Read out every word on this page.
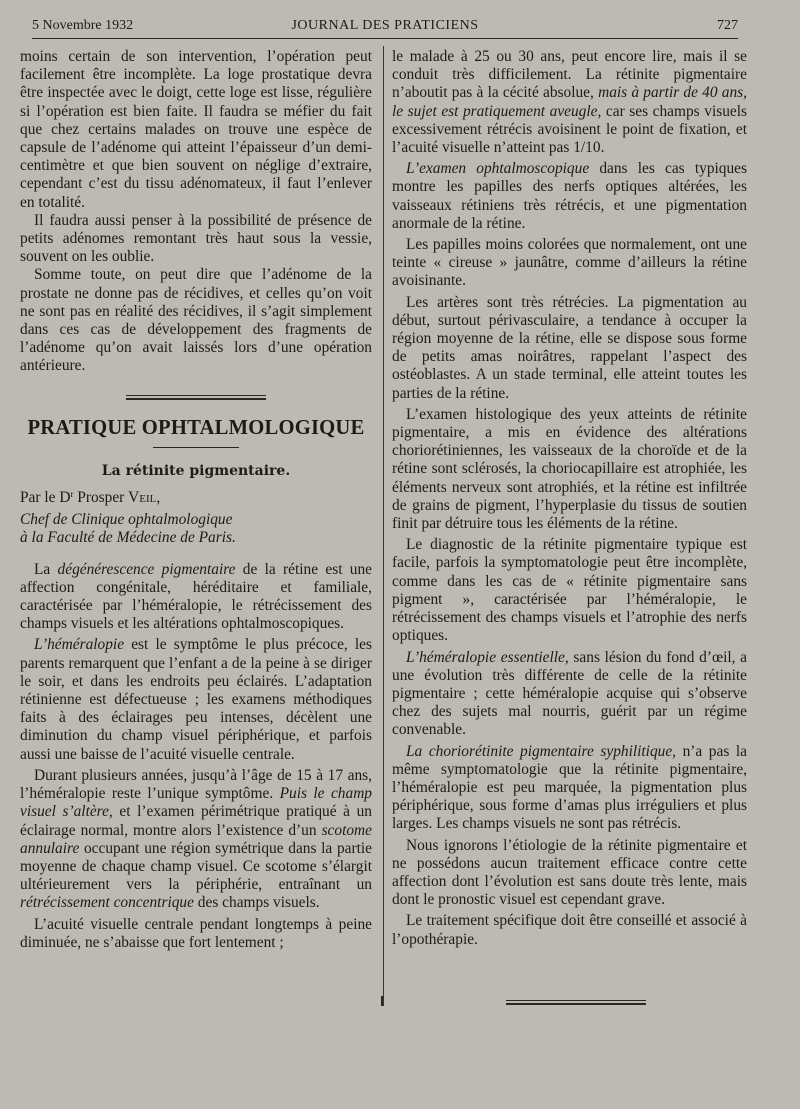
5 Novembre 1932	JOURNAL DES PRATICIENS	727

moins certain de son intervention, l’opération peut facilement être incomplète. La loge prostatique devra être inspectée avec le doigt, cette loge est lisse, régulière si l’opération est bien faite. Il faudra se méfier du fait que chez certains malades on trouve une espèce de capsule de l’adénome qui atteint l’épaisseur d’un demi-centimètre et que bien souvent on néglige d’extraire, cependant c’est du tissu adénomateux, il faut l’enlever en totalité.

Il faudra aussi penser à la possibilité de présence de petits adénomes remontant très haut sous la vessie, souvent on les oublie.

Somme toute, on peut dire que l’adénome de la prostate ne donne pas de récidives, et celles qu’on voit ne sont pas en réalité des récidives, il s’agit simplement dans ces cas de développement des fragments de l’adénome qu’on avait laissés lors d’une opération antérieure.

PRATIQUE OPHTALMOLOGIQUE
La rétinite pigmentaire.

Par le $D^r$ Prosper Veil,

Chef de Clinique ophtalmologique

à la Faculté de Médecine de Paris.

La dégénérescence pigmentaire de la rétine est une affection congénitale, héréditaire et familiale, caractérisée par l’héméralopie, le rétrécissement des champs visuels et les altérations ophtalmoscopiques.

L’héméralopie est le symptôme le plus précoce, les parents remarquent que l’enfant a de la peine à se diriger le soir, et dans les endroits peu éclairés. L’adaptation rétinienne est défectueuse ; les examens méthodiques faits à des éclairages peu intenses, décèlent une diminution du champ visuel périphérique, et parfois aussi une baisse de l’acuité visuelle centrale.

Durant plusieurs années, jusqu’à l’âge de 15 à 17 ans, l’héméralopie reste l’unique symptôme. Puis le champ visuel s’altère, et l’examen périmétrique pratiqué à un éclairage normal, montre alors l’existence d’un scotome annulaire occupant une région symétrique dans la partie moyenne de chaque champ visuel. Ce scotome s’élargit ultérieurement vers la périphérie, entraînant un rétrécissement concentrique des champs visuels.

L’acuité visuelle centrale pendant longtemps à peine diminuée, ne s’abaisse que fort lentement ;

le malade à 25 ou 30 ans, peut encore lire, mais il se conduit très difficilement. La rétinite pigmentaire n’aboutit pas à la cécité absolue, mais à partir de 40 ans, le sujet est pratiquement aveugle, car ses champs visuels excessivement rétrécis avoisinent le point de fixation, et l’acuité visuelle n’atteint pas 1/10.

L’examen ophtalmoscopique dans les cas typiques montre les papilles des nerfs optiques altérées, les vaisseaux rétiniens très rétrécis, et une pigmentation anormale de la rétine.

Les papilles moins colorées que normalement, ont une teinte « cireuse » jaunâtre, comme d’ailleurs la rétine avoisinante.

Les artères sont très rétrécies. La pigmentation au début, surtout périvasculaire, a tendance à occuper la région moyenne de la rétine, elle se dispose sous forme de petits amas noirâtres, rappelant l’aspect des ostéoblastes. A un stade terminal, elle atteint toutes les parties de la rétine.

L’examen histologique des yeux atteints de rétinite pigmentaire, a mis en évidence des altérations choriorétiniennes, les vaisseaux de la choroïde et de la rétine sont sclérosés, la choriocapillaire est atrophiée, les éléments nerveux sont atrophiés, et la rétine est infiltrée de grains de pigment, l’hyperplasie du tissus de soutien finit par détruire tous les éléments de la rétine.

Le diagnostic de la rétinite pigmentaire typique est facile, parfois la symptomatologie peut être incomplète, comme dans les cas de « rétinite pigmentaire sans pigment », caractérisée par l’héméralopie, le rétrécissement des champs visuels et l’atrophie des nerfs optiques.

L’héméralopie essentielle, sans lésion du fond d’œil, a une évolution très différente de celle de la rétinite pigmentaire ; cette héméralopie acquise qui s’observe chez des sujets mal nourris, guérit par un régime convenable.

La choriorétinite pigmentaire syphilitique, n’a pas la même symptomatologie que la rétinite pigmentaire, l’héméralopie est peu marquée, la pigmentation plus périphérique, sous forme d’amas plus irréguliers et plus larges. Les champs visuels ne sont pas rétrécis.

Nous ignorons l’étiologie de la rétinite pigmentaire et ne possédons aucun traitement efficace contre cette affection dont l’évolution est sans doute très lente, mais dont le pronostic visuel est cependant grave.

Le traitement spécifique doit être conseillé et associé à l’opothérapie.
